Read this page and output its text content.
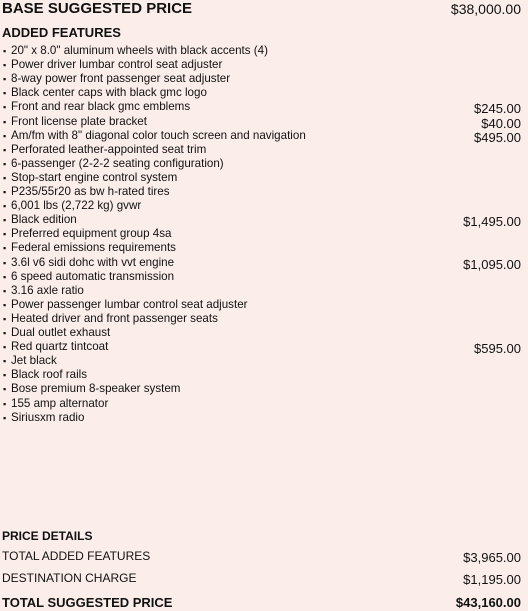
BASE SUGGESTED PRICE	$38,000.00
ADDED FEATURES
▪ 20" x 8.0" aluminum wheels with black accents (4)
▪ Power driver lumbar control seat adjuster
▪ 8-way power front passenger seat adjuster
▪ Black center caps with black gmc logo
▪ Front and rear black gmc emblems	$245.00
▪ Front license plate bracket	$40.00
▪ Am/fm with 8" diagonal color touch screen and navigation	$495.00
▪ Perforated leather-appointed seat trim
▪ 6-passenger (2-2-2 seating configuration)
▪ Stop-start engine control system
▪ P235/55r20 as bw h-rated tires
▪ 6,001 lbs (2,722 kg) gvwr
▪ Black edition	$1,495.00
▪ Preferred equipment group 4sa
▪ Federal emissions requirements
▪ 3.6l v6 sidi dohc with vvt engine	$1,095.00
▪ 6 speed automatic transmission
▪ 3.16 axle ratio
▪ Power passenger lumbar control seat adjuster
▪ Heated driver and front passenger seats
▪ Dual outlet exhaust
▪ Red quartz tintcoat	$595.00
▪ Jet black
▪ Black roof rails
▪ Bose premium 8-speaker system
▪ 155 amp alternator
▪ Siriusxm radio
PRICE DETAILS
TOTAL ADDED FEATURES	$3,965.00
DESTINATION CHARGE	$1,195.00
TOTAL SUGGESTED PRICE	$43,160.00
